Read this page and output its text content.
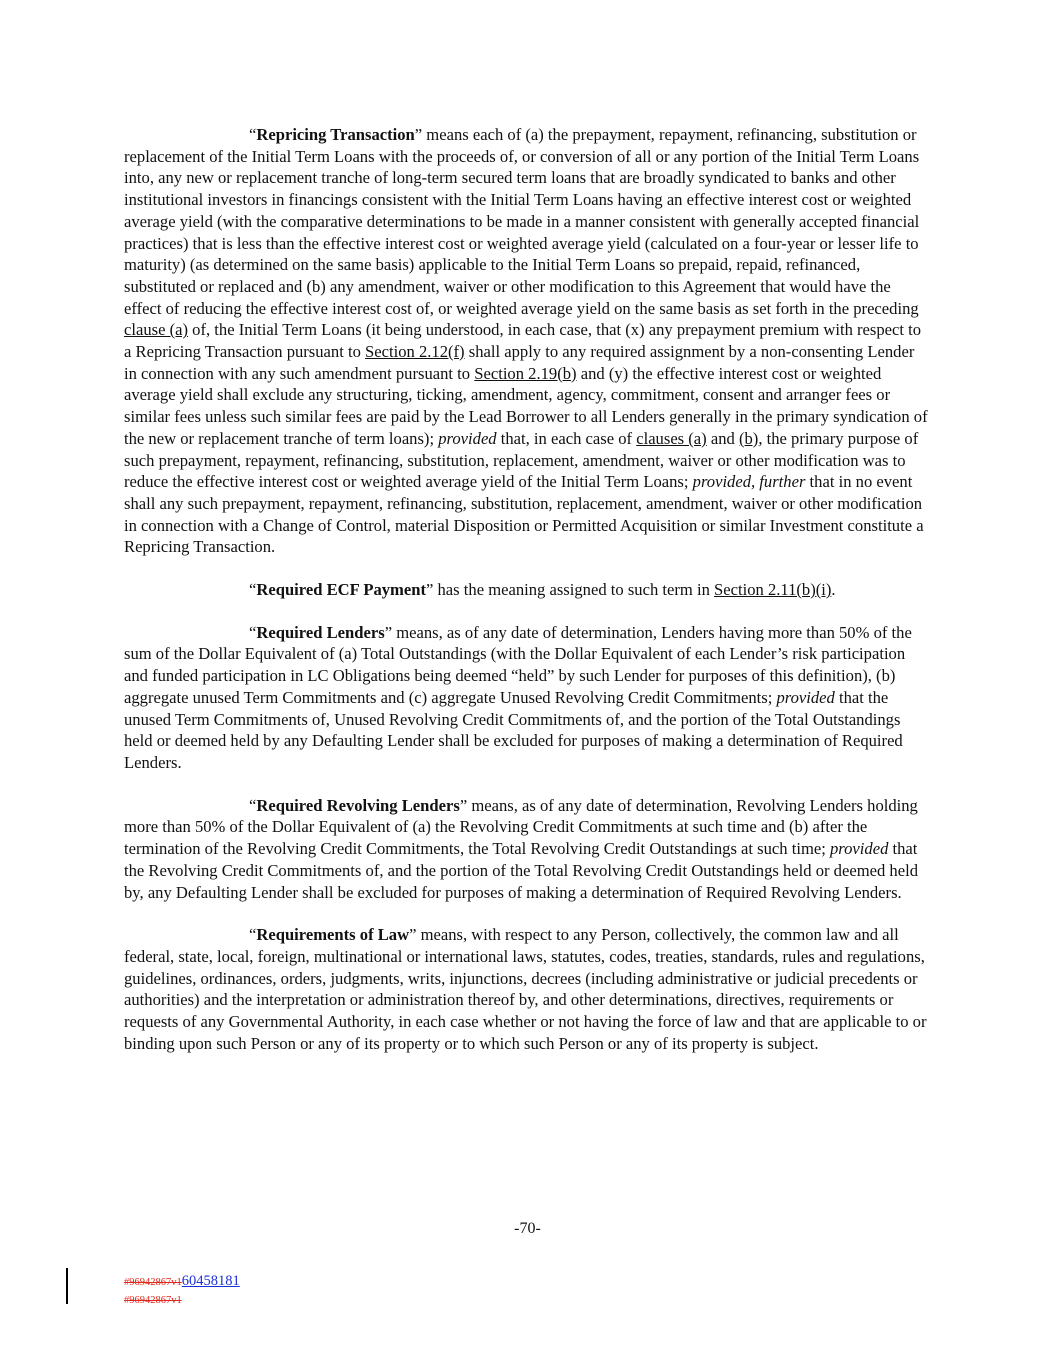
“Repricing Transaction” means each of (a) the prepayment, repayment, refinancing, substitution or replacement of the Initial Term Loans with the proceeds of, or conversion of all or any portion of the Initial Term Loans into, any new or replacement tranche of long-term secured term loans that are broadly syndicated to banks and other institutional investors in financings consistent with the Initial Term Loans having an effective interest cost or weighted average yield (with the comparative determinations to be made in a manner consistent with generally accepted financial practices) that is less than the effective interest cost or weighted average yield (calculated on a four-year or lesser life to maturity) (as determined on the same basis) applicable to the Initial Term Loans so prepaid, repaid, refinanced, substituted or replaced and (b) any amendment, waiver or other modification to this Agreement that would have the effect of reducing the effective interest cost of, or weighted average yield on the same basis as set forth in the preceding clause (a) of, the Initial Term Loans (it being understood, in each case, that (x) any prepayment premium with respect to a Repricing Transaction pursuant to Section 2.12(f) shall apply to any required assignment by a non-consenting Lender in connection with any such amendment pursuant to Section 2.19(b) and (y) the effective interest cost or weighted average yield shall exclude any structuring, ticking, amendment, agency, commitment, consent and arranger fees or similar fees unless such similar fees are paid by the Lead Borrower to all Lenders generally in the primary syndication of the new or replacement tranche of term loans); provided that, in each case of clauses (a) and (b), the primary purpose of such prepayment, repayment, refinancing, substitution, replacement, amendment, waiver or other modification was to reduce the effective interest cost or weighted average yield of the Initial Term Loans; provided, further that in no event shall any such prepayment, repayment, refinancing, substitution, replacement, amendment, waiver or other modification in connection with a Change of Control, material Disposition or Permitted Acquisition or similar Investment constitute a Repricing Transaction.

“Required ECF Payment” has the meaning assigned to such term in Section 2.11(b)(i).

“Required Lenders” means, as of any date of determination, Lenders having more than 50% of the sum of the Dollar Equivalent of (a) Total Outstandings (with the Dollar Equivalent of each Lender’s risk participation and funded participation in LC Obligations being deemed “held” by such Lender for purposes of this definition), (b) aggregate unused Term Commitments and (c) aggregate Unused Revolving Credit Commitments; provided that the unused Term Commitments of, Unused Revolving Credit Commitments of, and the portion of the Total Outstandings held or deemed held by any Defaulting Lender shall be excluded for purposes of making a determination of Required Lenders.

“Required Revolving Lenders” means, as of any date of determination, Revolving Lenders holding more than 50% of the Dollar Equivalent of (a) the Revolving Credit Commitments at such time and (b) after the termination of the Revolving Credit Commitments, the Total Revolving Credit Outstandings at such time; provided that the Revolving Credit Commitments of, and the portion of the Total Revolving Credit Outstandings held or deemed held by, any Defaulting Lender shall be excluded for purposes of making a determination of Required Revolving Lenders.

“Requirements of Law” means, with respect to any Person, collectively, the common law and all federal, state, local, foreign, multinational or international laws, statutes, codes, treaties, standards, rules and regulations, guidelines, ordinances, orders, judgments, writs, injunctions, decrees (including administrative or judicial precedents or authorities) and the interpretation or administration thereof by, and other determinations, directives, requirements or requests of any Governmental Authority, in each case whether or not having the force of law and that are applicable to or binding upon such Person or any of its property or to which such Person or any of its property is subject.

-70-
#96942867v160458181
#96942867v1
